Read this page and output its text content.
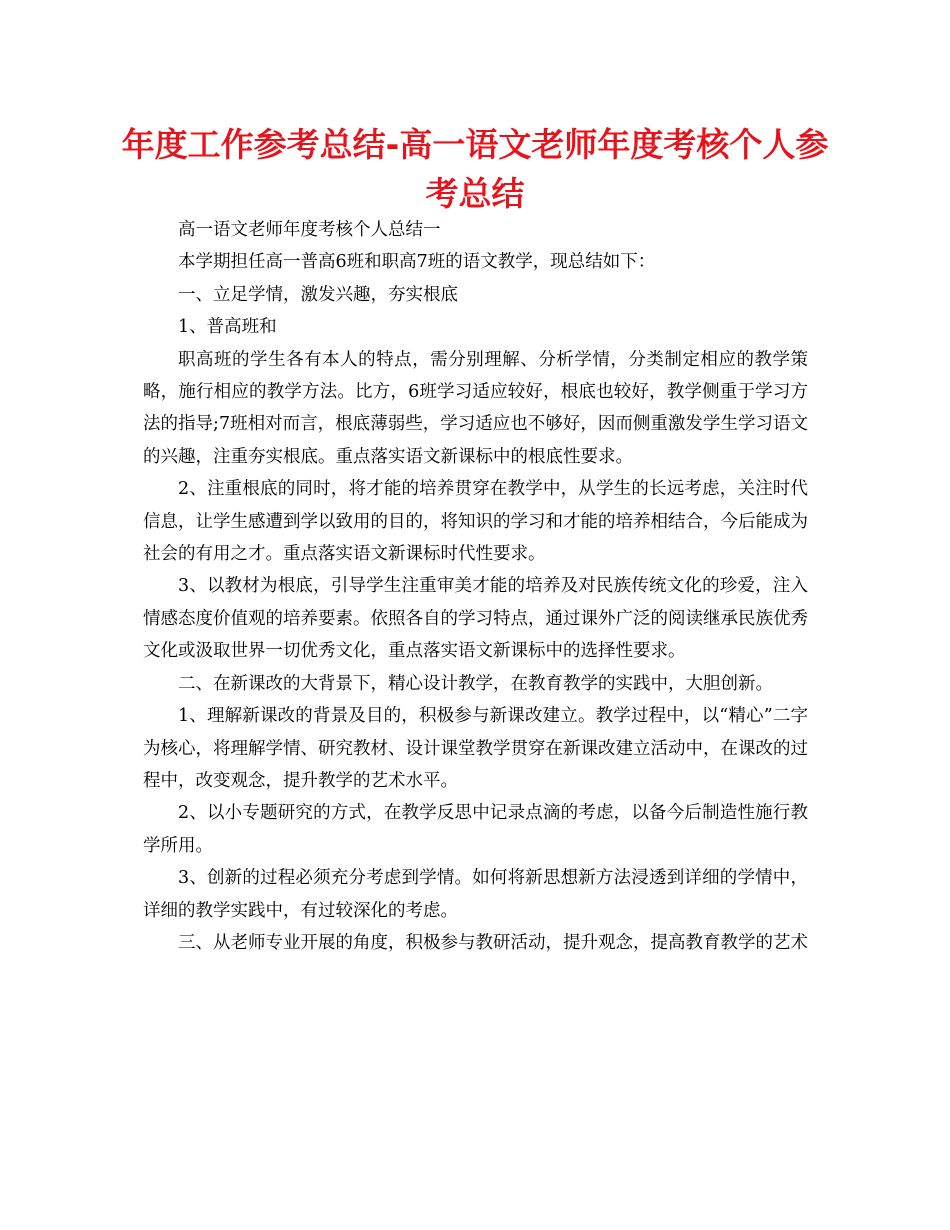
年度工作参考总结-高一语文老师年度考核个人参考总结

高一语文老师年度考核个人总结一

本学期担任高一普高6班和职高7班的语文教学，现总结如下：

一、立足学情，激发兴趣，夯实根底

1、普高班和

职高班的学生各有本人的特点，需分别理解、分析学情，分类制定相应的教学策略，施行相应的教学方法。比方，6班学习适应较好，根底也较好，教学侧重于学习方法的指导;7班相对而言，根底薄弱些，学习适应也不够好，因而侧重激发学生学习语文的兴趣，注重夯实根底。重点落实语文新课标中的根底性要求。

2、注重根底的同时，将才能的培养贯穿在教学中，从学生的长远考虑，关注时代信息，让学生感遭到学以致用的目的，将知识的学习和才能的培养相结合，今后能成为社会的有用之才。重点落实语文新课标时代性要求。

3、以教材为根底，引导学生注重审美才能的培养及对民族传统文化的珍爱，注入情感态度价值观的培养要素。依照各自的学习特点，通过课外广泛的阅读继承民族优秀文化或汲取世界一切优秀文化，重点落实语文新课标中的选择性要求。

二、在新课改的大背景下，精心设计教学，在教育教学的实践中，大胆创新。

1、理解新课改的背景及目的，积极参与新课改建立。教学过程中，以“精心”二字为核心，将理解学情、研究教材、设计课堂教学贯穿在新课改建立活动中，在课改的过程中，改变观念，提升教学的艺术水平。

2、以小专题研究的方式，在教学反思中记录点滴的考虑，以备今后制造性施行教学所用。

3、创新的过程必须充分考虑到学情。如何将新思想新方法浸透到详细的学情中，详细的教学实践中，有过较深化的考虑。

三、从老师专业开展的角度，积极参与教研活动，提升观念，提高教育教学的艺术
